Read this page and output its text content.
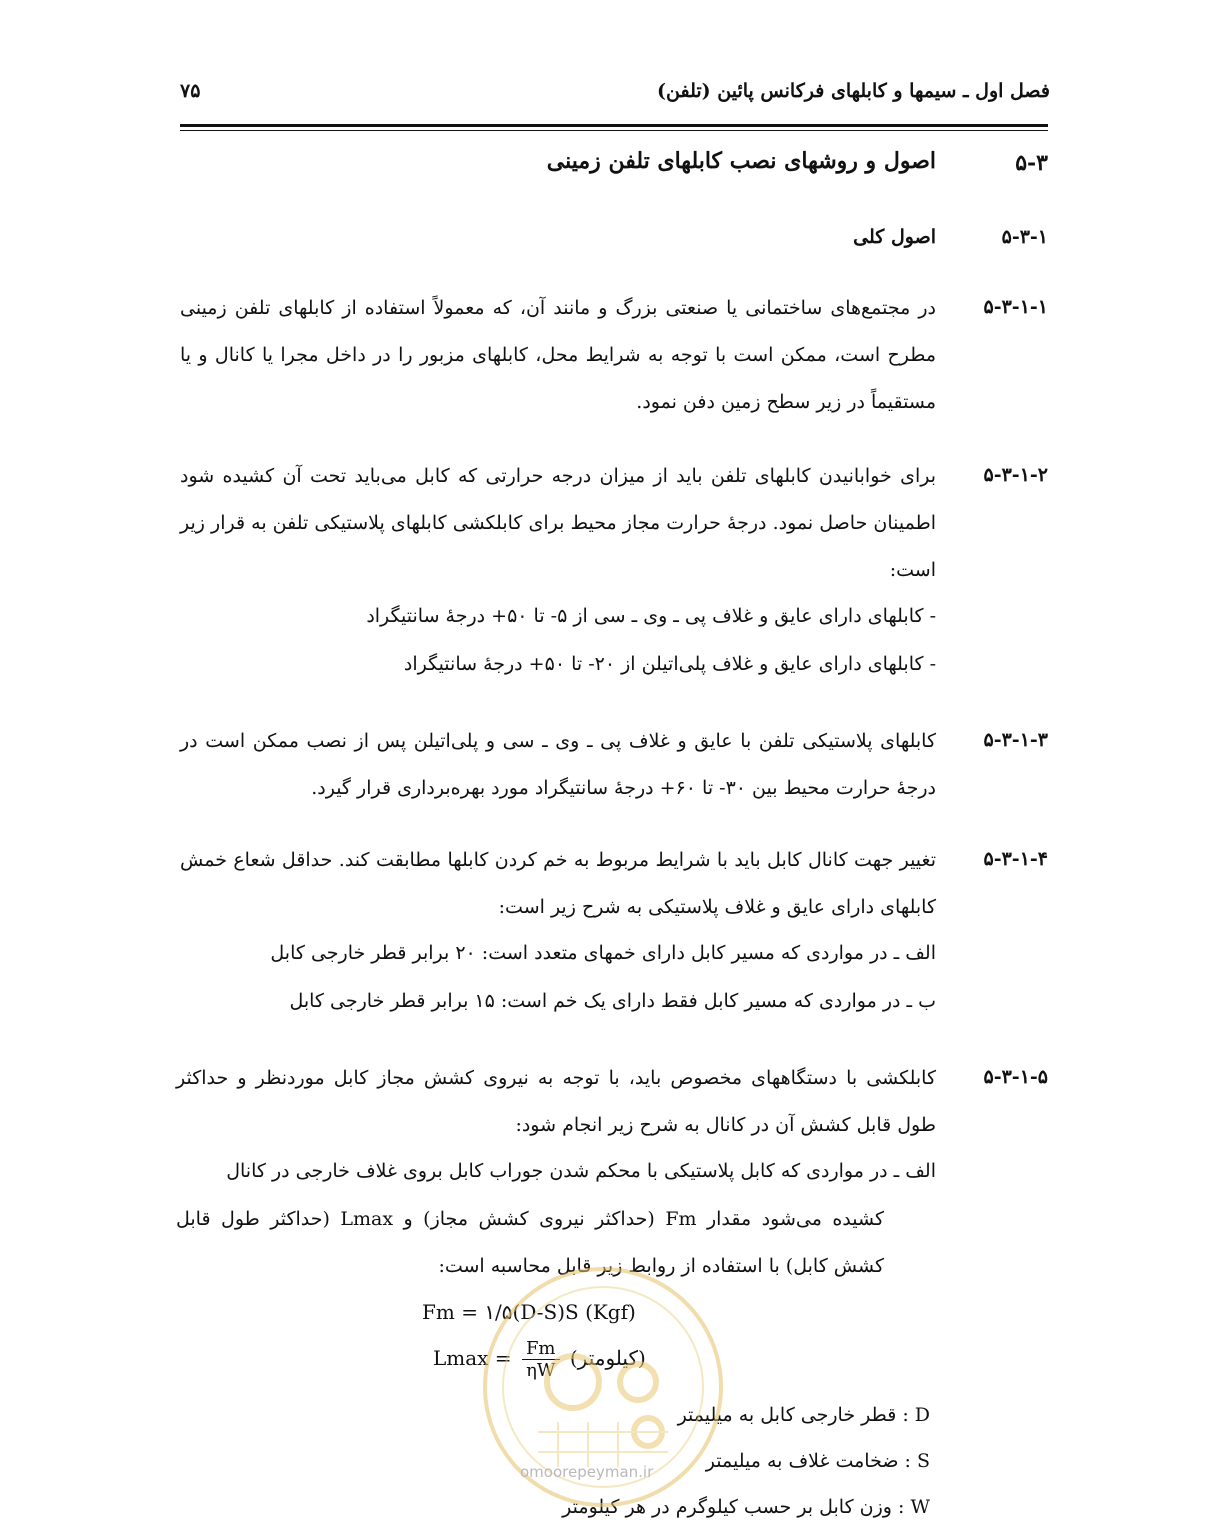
فصل اول ـ سیمها و کابلهای فرکانس پائین (تلفن)
۷۵
۵-۳
اصول و روشهای نصب کابلهای تلفن زمینی
۵-۳-۱
اصول کلی
۵-۳-۱-۱
در مجتمع‌های ساختمانی یا صنعتی بزرگ و مانند آن، که معمولاً استفاده از کابلهای تلفن زمینی مطرح است، ممکن است با توجه به شرایط محل، کابلهای مزبور را در داخل مجرا یا کانال و یا مستقیماً در زیر سطح زمین دفن نمود.
۵-۳-۱-۲
برای خوابانیدن کابلهای تلفن باید از میزان درجه حرارتی که کابل می‌باید تحت آن کشیده شود اطمینان حاصل نمود. درجهٔ حرارت مجاز محیط برای کابلکشی کابلهای پلاستیکی تلفن به قرار زیر است:
- کابلهای دارای عایق و غلاف پی ـ وی ـ سی از ۵- تا ۵۰+ درجهٔ سانتیگراد
- کابلهای دارای عایق و غلاف پلی‌اتیلن از ۲۰- تا ۵۰+ درجهٔ سانتیگراد
۵-۳-۱-۳
کابلهای پلاستیکی تلفن با عایق و غلاف پی ـ وی ـ سی و پلی‌اتیلن پس از نصب ممکن است در درجهٔ حرارت محیط بین ۳۰- تا ۶۰+ درجهٔ سانتیگراد مورد بهره‌برداری قرار گیرد.
۵-۳-۱-۴
تغییر جهت کانال کابل باید با شرایط مربوط به خم کردن کابلها مطابقت کند. حداقل شعاع خمش کابلهای دارای عایق و غلاف پلاستیکی به شرح زیر است:
الف ـ در مواردی که مسیر کابل دارای خمهای متعدد است: ۲۰ برابر قطر خارجی کابل
ب ـ در مواردی که مسیر کابل فقط دارای یک خم است: ۱۵ برابر قطر خارجی کابل
۵-۳-۱-۵
کابلکشی با دستگاههای مخصوص باید، با توجه به نیروی کشش مجاز کابل موردنظر و حداکثر طول قابل کشش آن در کانال به شرح زیر انجام شود:
الف ـ در مواردی که کابل پلاستیکی با محکم شدن جوراب کابل بروی غلاف خارجی در کانال
کشیده می‌شود مقدار Fm (حداکثر نیروی کشش مجاز) و Lmax (حداکثر طول قابل کشش کابل) با استفاده از روابط زیر قابل محاسبه است:
Fm = ۱/۵(D-S)S (Kgf)
$Lmax = \frac{Fm}{\eta W}$ (کیلومتر)
D : قطر خارجی کابل به میلیمتر
S : ضخامت غلاف به میلیمتر
W : وزن کابل بر حسب کیلوگرم در هر کیلومتر
omoorepeyman.ir
